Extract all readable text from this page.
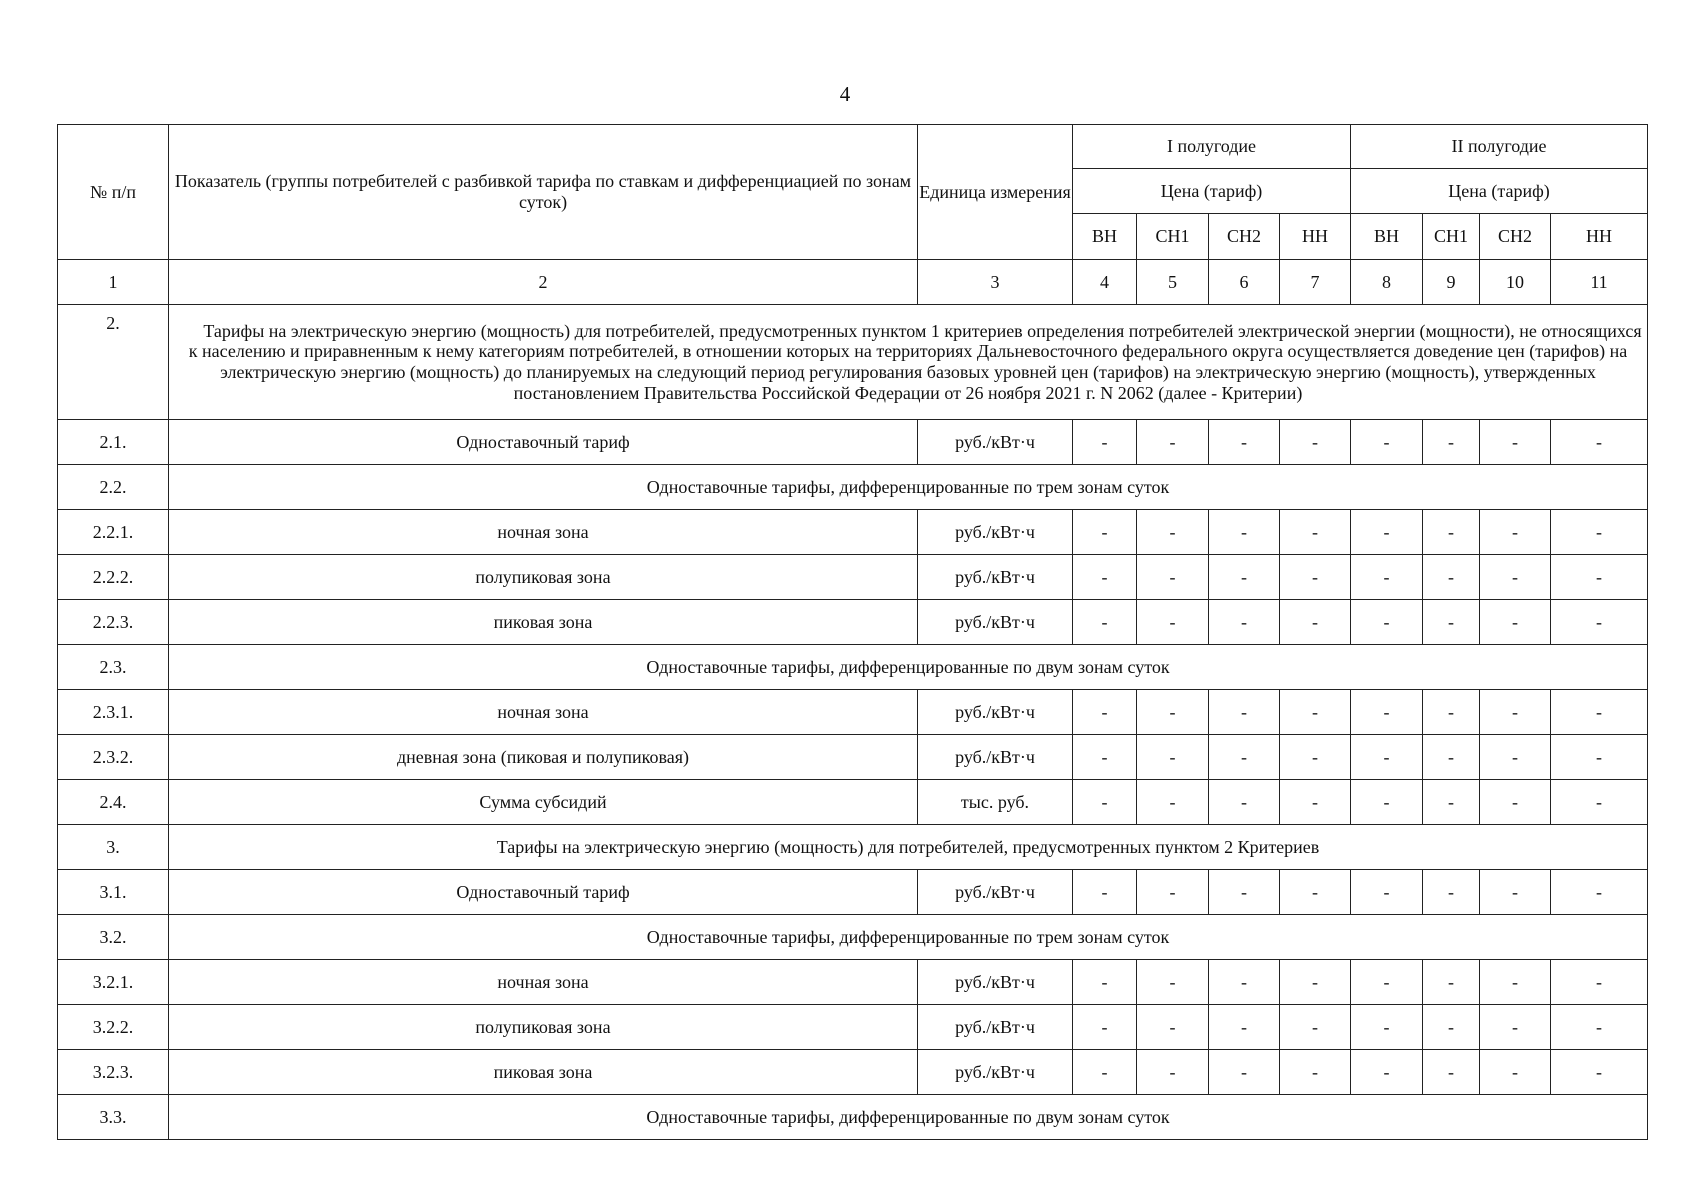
4
№ п/п	Показатель (группы потребителей с разбивкой тарифа по ставкам и дифференциацией по зонам суток)	Единица измерения	I полугодие				II полугодие			
			Цена (тариф)				Цена (тариф)			
			ВН	СН1	СН2	НН	ВН	СН1	СН2	НН
1	2	3	4	5	6	7	8	9	10	11
2.	Тарифы на электрическую энергию (мощность) для потребителей, предусмотренных пунктом 1 критериев определения потребителей электрической энергии (мощности), не относящихся к населению и приравненным к нему категориям потребителей, в отношении которых на территориях Дальневосточного федерального округа осуществляется доведение цен (тарифов) на электрическую энергию (мощность) до планируемых на следующий период регулирования базовых уровней цен (тарифов) на электрическую энергию (мощность), утвержденных постановлением Правительства Российской Федерации от 26 ноября 2021 г. N 2062 (далее - Критерии)									

2.1.	Одноставочный тариф	руб./кВт·ч	-	-	-	-	-	-	-	-
2.2.	Одноставочные тарифы, дифференцированные по трем зонам суток									
2.2.1.	ночная зона	руб./кВт·ч	-	-	-	-	-	-	-	-
2.2.2.	полупиковая зона	руб./кВт·ч	-	-	-	-	-	-	-	-
2.2.3.	пиковая зона	руб./кВт·ч	-	-	-	-	-	-	-	-
2.3.	Одноставочные тарифы, дифференцированные по двум зонам суток									
2.3.1.	ночная зона	руб./кВт·ч	-	-	-	-	-	-	-	-
2.3.2.	дневная зона (пиковая и полупиковая)	руб./кВт·ч	-	-	-	-	-	-	-	-
2.4.	Сумма субсидий	тыс. руб.	-	-	-	-	-	-	-	-
3.	Тарифы на электрическую энергию (мощность) для потребителей, предусмотренных пунктом 2 Критериев									
3.1.	Одноставочный тариф	руб./кВт·ч	-	-	-	-	-	-	-	-
3.2.	Одноставочные тарифы, дифференцированные по трем зонам суток									
3.2.1.	ночная зона	руб./кВт·ч	-	-	-	-	-	-	-	-
3.2.2.	полупиковая зона	руб./кВт·ч	-	-	-	-	-	-	-	-
3.2.3.	пиковая зона	руб./кВт·ч	-	-	-	-	-	-	-	-
3.3.	Одноставочные тарифы, дифференцированные по двум зонам суток									
